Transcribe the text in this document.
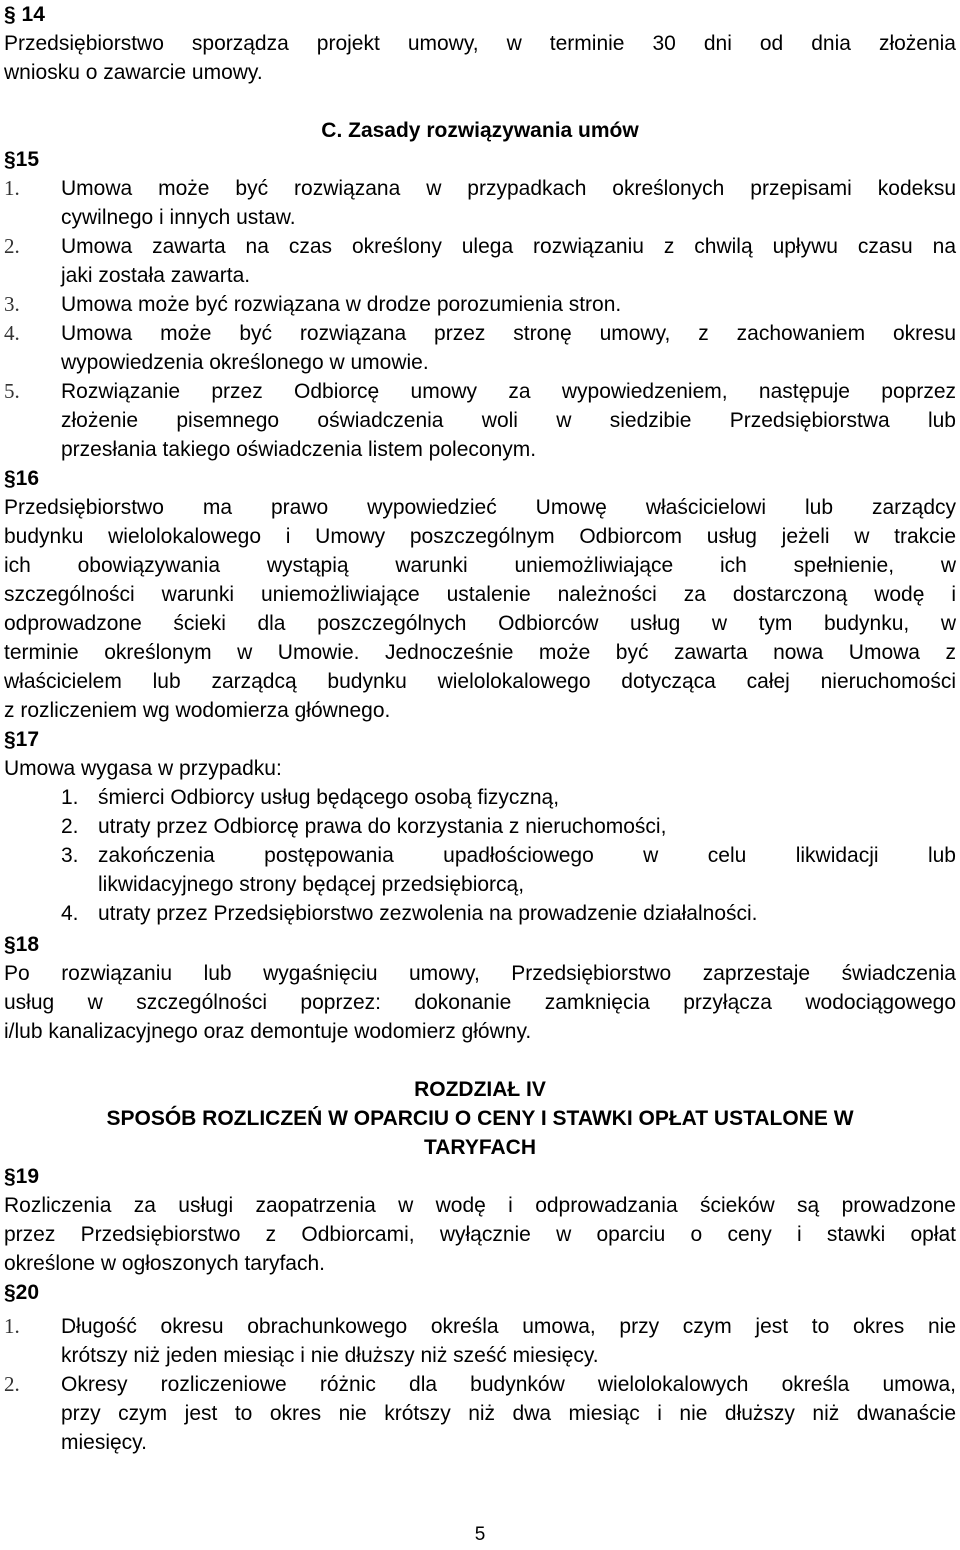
§ 14
Przedsiębiorstwo sporządza projekt umowy, w terminie 30 dni od dnia złożenia
wniosku o zawarcie umowy.
C. Zasady rozwiązywania umów
§15
1. Umowa może być rozwiązana w przypadkach określonych przepisami kodeksu
cywilnego i innych ustaw.
2. Umowa zawarta na czas określony ulega rozwiązaniu z chwilą upływu czasu na
jaki została zawarta.
3. Umowa może być rozwiązana w drodze porozumienia stron.
4. Umowa może być rozwiązana przez stronę umowy, z zachowaniem okresu
wypowiedzenia określonego w umowie.
5. Rozwiązanie przez Odbiorcę umowy za wypowiedzeniem, następuje poprzez
złożenie pisemnego oświadczenia woli w siedzibie Przedsiębiorstwa lub
przesłania takiego oświadczenia listem poleconym.
§16
Przedsiębiorstwo ma prawo wypowiedzieć Umowę właścicielowi lub zarządcy
budynku wielolokalowego i Umowy poszczególnym Odbiorcom usług jeżeli w trakcie
ich obowiązywania wystąpią warunki uniemożliwiające ich spełnienie, w
szczególności warunki uniemożliwiające ustalenie należności za dostarczoną wodę i
odprowadzone ścieki dla poszczególnych Odbiorców usług w tym budynku, w
terminie określonym w Umowie. Jednocześnie może być zawarta nowa Umowa z
właścicielem lub zarządcą budynku wielolokalowego dotycząca całej nieruchomości
z rozliczeniem wg wodomierza głównego.
§17
Umowa wygasa w przypadku:
1. śmierci Odbiorcy usług będącego osobą fizyczną,
2. utraty przez Odbiorcę prawa do korzystania z nieruchomości,
3. zakończenia postępowania upadłościowego w celu likwidacji lub
likwidacyjnego strony będącej przedsiębiorcą,
4. utraty przez Przedsiębiorstwo zezwolenia na prowadzenie działalności.
§18
Po rozwiązaniu lub wygaśnięciu umowy, Przedsiębiorstwo zaprzestaje świadczenia
usług w szczególności poprzez: dokonanie zamknięcia przyłącza wodociągowego
i/lub kanalizacyjnego oraz demontuje wodomierz główny.
ROZDZIAŁ IV
SPOSÓB ROZLICZEŃ W OPARCIU O CENY I STAWKI OPŁAT USTALONE W
TARYFACH
§19
Rozliczenia za usługi zaopatrzenia w wodę i odprowadzania ścieków są prowadzone
przez Przedsiębiorstwo z Odbiorcami, wyłącznie w oparciu o ceny i stawki opłat
określone w ogłoszonych taryfach.
§20
1. Długość okresu obrachunkowego określa umowa, przy czym jest to okres nie
krótszy niż jeden miesiąc i nie dłuższy niż sześć miesięcy.
2. Okresy rozliczeniowe różnic dla budynków wielolokalowych określa umowa,
przy czym jest to okres nie krótszy niż dwa miesiąc i nie dłuższy niż dwanaście
miesięcy.
5
